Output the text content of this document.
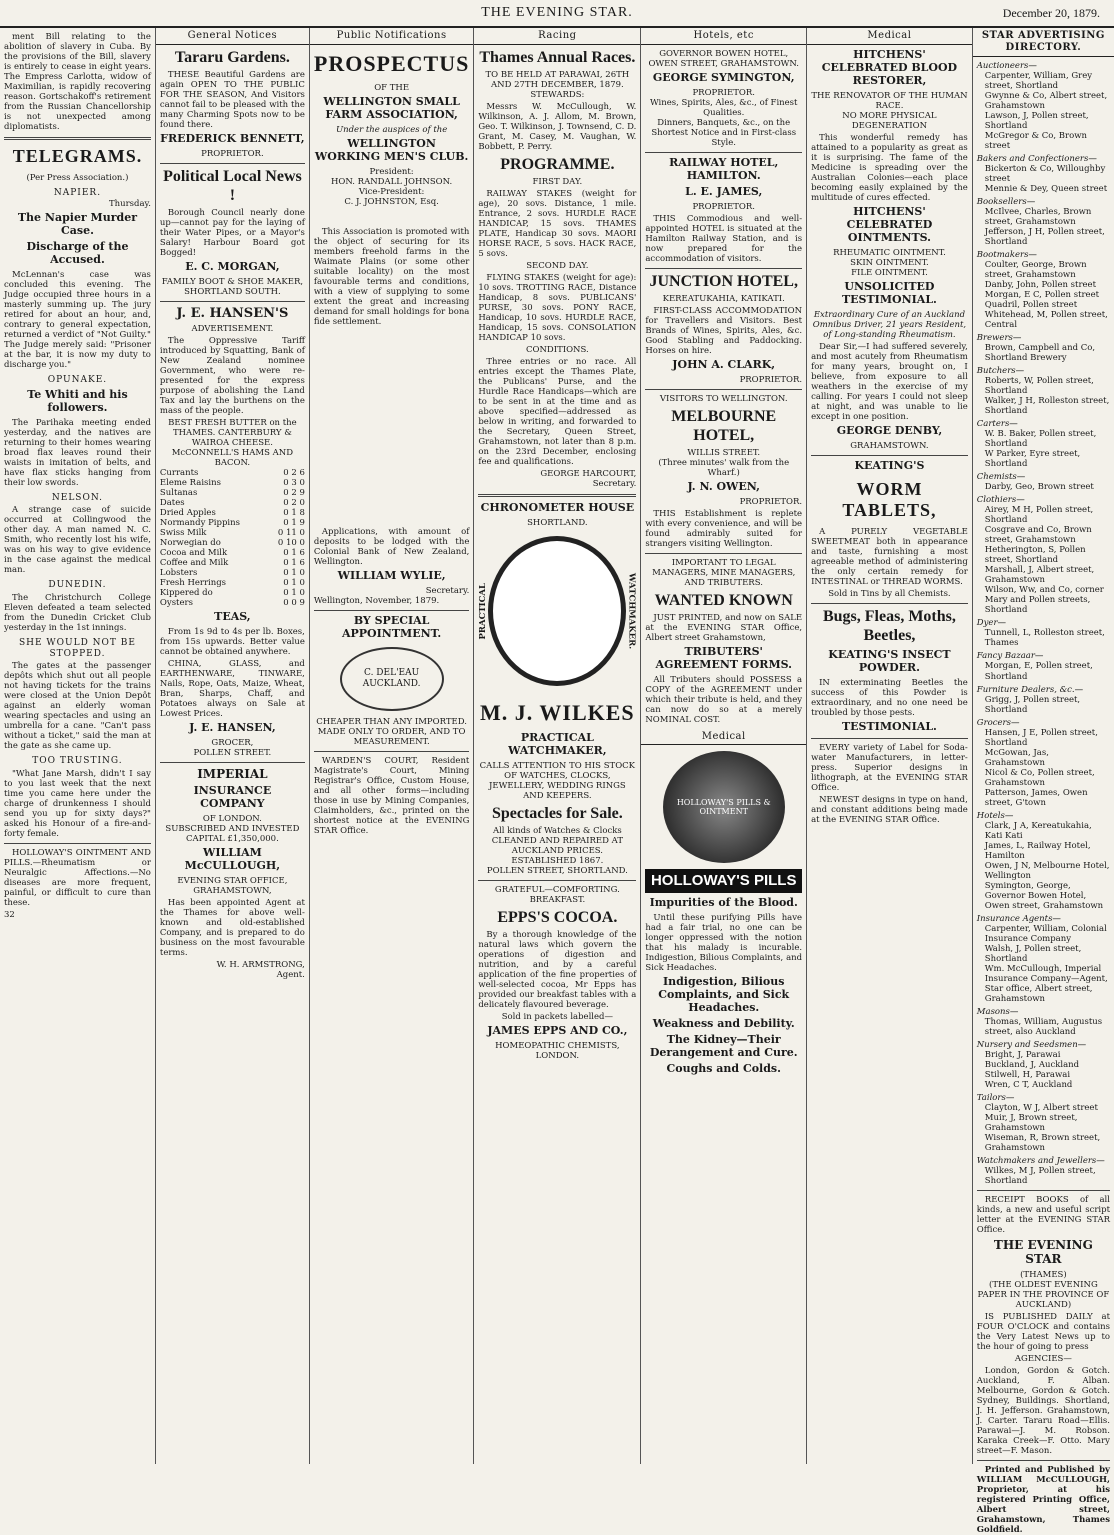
THE EVENING STAR.	December 20, 1879.
ment Bill relating to the abolition of slavery in Cuba. By the provisions of the Bill, slavery is entirely to cease in eight years. The Empress Carlotta, widow of Maximilian, is rapidly recovering reason. Gortschakoff's retirement from the Russian Chancellorship is not unexpected among diplomatists.
TELEGRAMS.
(Per Press Association.)
NAPIER.
Thursday.
The Napier Murder Case.
Discharge of the Accused.
McLennan's case was concluded this evening. The Judge occupied three hours in a masterly summing up. The jury retired for about an hour, and, contrary to general expectation, returned a verdict of "Not Guilty." The Judge merely said: "Prisoner at the bar, it is now my duty to discharge you."
OPUNAKE.
Te Whiti and his followers.
The Parihaka meeting ended yesterday, and the natives are returning to their homes wearing broad flax leaves round their waists in imitation of belts, and have flax sticks hanging from their low swords.
NELSON.
A strange case of suicide occurred at Collingwood the other day. A man named N. C. Smith, who recently lost his wife, was on his way to give evidence in the case against the medical man.
DUNEDIN.
The Christchurch College Eleven defeated a team selected from the Dunedin Cricket Club yesterday in the 1st innings.
SHE WOULD NOT BE STOPPED.
The gates at the passenger depôts which shut out all people not having tickets for the trains were closed at the Union Depôt against an elderly woman wearing spectacles and using an umbrella for a cane. "Can't pass without a ticket," said the man at the gate as she came up.
TOO TRUSTING.
"What Jane Marsh, didn't I say to you last week that the next time you came here under the charge of drunkenness I should send you up for sixty days?" asked his Honour of a fire-and-forty female.
HOLLOWAY'S OINTMENT AND PILLS.—Rheumatism or Neuralgic Affections.—No diseases are more frequent, painful, or difficult to cure than these.
32
General Notices
Tararu Gardens.
THESE Beautiful Gardens are again OPEN TO THE PUBLIC FOR THE SEASON, And Visitors cannot fail to be pleased with the many Charming Spots now to be found there.
FREDERICK BENNETT,
PROPRIETOR.
Political Local News !
Borough Council nearly done up—cannot pay for the laying of their Water Pipes, or a Mayor's Salary! Harbour Board got Bogged!
E. C. MORGAN,
FAMILY BOOT & SHOE MAKER, SHORTLAND SOUTH.
J. E. HANSEN'S
ADVERTISEMENT.
The Oppressive Tariff introduced by Squatting, Bank of New Zealand nominee Government, who were re-presented for the express purpose of abolishing the Land Tax and lay the burthens on the mass of the people.
BEST FRESH BUTTER on the THAMES. CANTERBURY & WAIROA CHEESE. McCONNELL'S HAMS AND BACON.
Currants	0 2 6
Eleme Raisins	0 3 0
Sultanas	0 2 9
Dates	0 2 0
Dried Apples	0 1 8
Normandy Pippins	0 1 9
Swiss Milk	0 11 0
Norwegian do	0 10 0
Cocoa and Milk	0 1 6
Coffee and Milk	0 1 6
Lobsters	0 1 0
Fresh Herrings	0 1 0
Kippered do	0 1 0
Oysters	0 0 9
TEAS,
From 1s 9d to 4s per lb. Boxes, from 15s upwards. Better value cannot be obtained anywhere.
CHINA, GLASS, and EARTHENWARE, TINWARE, Nails, Rope, Oats, Maize, Wheat, Bran, Sharps, Chaff, and Potatoes always on Sale at Lowest Prices.
J. E. HANSEN,
GROCER,
POLLEN STREET.
IMPERIAL
INSURANCE COMPANY
OF LONDON.
SUBSCRIBED AND INVESTED CAPITAL £1,350,000.
WILLIAM McCULLOUGH,
EVENING STAR OFFICE,
GRAHAMSTOWN,
Has been appointed Agent at the Thames for above well-known and old-established Company, and is prepared to do business on the most favourable terms.
W. H. ARMSTRONG,
Agent.
Public Notifications
PROSPECTUS
OF THE
WELLINGTON SMALL FARM ASSOCIATION,
Under the auspices of the
WELLINGTON WORKING MEN'S CLUB.
President:
HON. RANDALL JOHNSON.
Vice-President:
C. J. JOHNSTON, Esq.
This Association is promoted with the object of securing for its members freehold farms in the Waimate Plains (or some other suitable locality) on the most favourable terms and conditions, with a view of supplying to some extent the great and increasing demand for small holdings for bona fide settlement.
Applications, with amount of deposits to be lodged with the Colonial Bank of New Zealand, Wellington.
WILLIAM WYLIE,
Secretary.
Wellington, November, 1879.
BY SPECIAL APPOINTMENT.
C. DEL'EAU AUCKLAND.
CHEAPER THAN ANY IMPORTED.
MADE ONLY TO ORDER, AND TO MEASUREMENT.
WARDEN'S COURT, Resident Magistrate's Court, Mining Registrar's Office, Custom House, and all other forms—including those in use by Mining Companies, Claimholders, &c., printed on the shortest notice at the EVENING STAR Office.
Racing
Thames Annual Races.
TO BE HELD AT PARAWAI, 26TH AND 27TH DECEMBER, 1879.
STEWARDS:
Messrs W. McCullough, W. Wilkinson, A. J. Allom, M. Brown, Geo. T. Wilkinson, J. Townsend, C. D. Grant, M. Casey, M. Vaughan, W. Bobbett, P. Perry.
PROGRAMME.
FIRST DAY.
RAILWAY STAKES (weight for age), 20 sovs. Distance, 1 mile. Entrance, 2 sovs. HURDLE RACE HANDICAP, 15 sovs. THAMES PLATE, Handicap 30 sovs. MAORI HORSE RACE, 5 sovs. HACK RACE, 5 sovs.
SECOND DAY.
FLYING STAKES (weight for age): 10 sovs. TROTTING RACE, Distance Handicap, 8 sovs. PUBLICANS' PURSE, 30 sovs. PONY RACE, Handicap, 10 sovs. HURDLE RACE, Handicap, 15 sovs. CONSOLATION HANDICAP 10 sovs.
CONDITIONS.
Three entries or no race. All entries except the Thames Plate, the Publicans' Purse, and the Hurdle Race Handicaps—which are to be sent in at the time and as above specified—addressed as below in writing, and forwarded to the Secretary, Queen Street, Grahamstown, not later than 8 p.m. on the 23rd December, enclosing fee and qualifications.
GEORGE HARCOURT,
Secretary.
CHRONOMETER HOUSE
SHORTLAND.
PRACTICAL	WATCHMAKER.
M. J. WILKES
PRACTICAL WATCHMAKER,
CALLS ATTENTION TO HIS STOCK OF WATCHES, CLOCKS, JEWELLERY, WEDDING RINGS AND KEEPERS.
Spectacles for Sale.
All kinds of Watches & Clocks CLEANED AND REPAIRED AT AUCKLAND PRICES.
ESTABLISHED 1867.
POLLEN STREET, SHORTLAND.
GRATEFUL—COMFORTING.
BREAKFAST.
EPPS'S COCOA.
By a thorough knowledge of the natural laws which govern the operations of digestion and nutrition, and by a careful application of the fine properties of well-selected cocoa, Mr Epps has provided our breakfast tables with a delicately flavoured beverage.
Sold in packets labelled—
JAMES EPPS AND CO.,
HOMEOPATHIC CHEMISTS,
LONDON.
Hotels, etc
GOVERNOR BOWEN HOTEL, OWEN STREET, GRAHAMSTOWN.
GEORGE SYMINGTON,
PROPRIETOR.
Wines, Spirits, Ales, &c., of Finest Qualities.
Dinners, Banquets, &c., on the Shortest Notice and in First-class Style.
RAILWAY HOTEL, HAMILTON.
L. E. JAMES,
PROPRIETOR.
THIS Commodious and well-appointed HOTEL is situated at the Hamilton Railway Station, and is now prepared for the accommodation of visitors.
JUNCTION HOTEL,
KEREATUKAHIA, KATIKATI.
FIRST-CLASS ACCOMMODATION for Travellers and Visitors. Best Brands of Wines, Spirits, Ales, &c. Good Stabling and Paddocking. Horses on hire.
JOHN A. CLARK,
PROPRIETOR.
VISITORS TO WELLINGTON.
MELBOURNE HOTEL,
WILLIS STREET.
(Three minutes' walk from the Wharf.)
J. N. OWEN,
PROPRIETOR.
THIS Establishment is replete with every convenience, and will be found admirably suited for strangers visiting Wellington.
IMPORTANT TO LEGAL MANAGERS, MINE MANAGERS, AND TRIBUTERS.
WANTED KNOWN
JUST PRINTED, and now on SALE at the EVENING STAR Office, Albert street Grahamstown,
TRIBUTERS' AGREEMENT FORMS.
All Tributers should POSSESS a COPY of the AGREEMENT under which their tribute is held, and they can now do so at a merely NOMINAL COST.
Medical
HOLLOWAY'S PILLS & OINTMENT
HOLLOWAY'S PILLS
Impurities of the Blood.
Until these purifying Pills have had a fair trial, no one can be longer oppressed with the notion that his malady is incurable. Indigestion, Bilious Complaints, and Sick Headaches.
Indigestion, Bilious Complaints, and Sick Headaches.
Weakness and Debility.
The Kidney—Their Derangement and Cure.
Coughs and Colds.
Medical
HITCHENS' CELEBRATED BLOOD RESTORER,
THE RENOVATOR OF THE HUMAN RACE.
NO MORE PHYSICAL DEGENERATION
This wonderful remedy has attained to a popularity as great as it is surprising. The fame of the Medicine is spreading over the Australian Colonies—each place becoming easily explained by the multitude of cures effected.
HITCHENS' CELEBRATED OINTMENTS.
RHEUMATIC OINTMENT.
SKIN OINTMENT.
FILE OINTMENT.
UNSOLICITED TESTIMONIAL.
Extraordinary Cure of an Auckland Omnibus Driver, 21 years Resident, of Long-standing Rheumatism.
Dear Sir,—I had suffered severely, and most acutely from Rheumatism for many years, brought on, I believe, from exposure to all weathers in the exercise of my calling. For years I could not sleep at night, and was unable to lie except in one position.
GEORGE DENBY,
GRAHAMSTOWN.
KEATING'S
WORM TABLETS,
A PURELY VEGETABLE SWEETMEAT both in appearance and taste, furnishing a most agreeable method of administering the only certain remedy for INTESTINAL or THREAD WORMS.
Sold in Tins by all Chemists.
Bugs, Fleas, Moths, Beetles,
KEATING'S INSECT POWDER.
IN exterminating Beetles the success of this Powder is extraordinary, and no one need be troubled by those pests.
TESTIMONIAL.
EVERY variety of Label for Soda-water Manufacturers, in letter-press. Superior designs in lithograph, at the EVENING STAR Office.
NEWEST designs in type on hand, and constant additions being made at the EVENING STAR Office.
STAR ADVERTISING DIRECTORY.
Auctioneers—
Carpenter, William, Grey street, Shortland
Gwynne & Co, Albert street, Grahamstown
Lawson, J, Pollen street, Shortland
McGregor & Co, Brown street
Bakers and Confectioners—
Bickerton & Co, Willoughby street
Mennie & Dey, Queen street
Booksellers—
McIlvee, Charles, Brown street, Grahamstown
Jefferson, J H, Pollen street, Shortland
Bootmakers—
Coulter, George, Brown street, Grahamstown
Danby, John, Pollen street
Morgan, E C, Pollen street
Quadril, Pollen street
Whitehead, M, Pollen street, Central
Brewers—
Brown, Campbell and Co, Shortland Brewery
Butchers—
Roberts, W, Pollen street, Shortland
Walker, J H, Rolleston street, Shortland
Carters—
W. B. Baker, Pollen street, Shortland
W Parker, Eyre street, Shortland
Chemists—
Darby, Geo, Brown street
Clothiers—
Airey, M H, Pollen street, Shortland
Cosgrave and Co, Brown street, Grahamstown
Hetherington, S, Pollen street, Shortland
Marshall, J, Albert street, Grahamstown
Wilson, Ww, and Co, corner Mary and Pollen streets, Shortland
Dyer—
Tunnell, L, Rolleston street, Thames
Fancy Bazaar—
Morgan, E, Pollen street, Shortland
Furniture Dealers, &c.—
Grigg, J, Pollen street, Shortland
Grocers—
Hansen, J E, Pollen street, Shortland
McGowan, Jas, Grahamstown
Nicol & Co, Pollen street, Grahamstown
Patterson, James, Owen street, G'town
Hotels—
Clark, J A, Kereatukahia, Kati Kati
James, L, Railway Hotel, Hamilton
Owen, J N, Melbourne Hotel, Wellington
Symington, George, Governor Bowen Hotel, Owen street, Grahamstown
Insurance Agents—
Carpenter, William, Colonial Insurance Company
Walsh, J, Pollen street, Shortland
Wm. McCullough, Imperial Insurance Company—Agent, Star office, Albert street, Grahamstown
Masons—
Thomas, William, Augustus street, also Auckland
Nursery and Seedsmen—
Bright, J, Parawai
Buckland, J, Auckland
Stilwell, H, Parawai
Wren, C T, Auckland
Tailors—
Clayton, W J, Albert street
Muir, J, Brown street, Grahamstown
Wiseman, R, Brown street, Grahamstown
Watchmakers and Jewellers—
Wilkes, M J, Pollen street, Shortland
RECEIPT BOOKS of all kinds, a new and useful script letter at the EVENING STAR Office.
THE EVENING STAR
(THAMES)
(THE OLDEST EVENING PAPER IN THE PROVINCE OF AUCKLAND)
IS PUBLISHED DAILY at FOUR O'CLOCK and contains the Very Latest News up to the hour of going to press
AGENCIES—
London, Gordon & Gotch. Auckland, F. Alban. Melbourne, Gordon & Gotch. Sydney, Buildings. Shortland, J. H. Jefferson. Grahamstown, J. Carter. Tararu Road—Ellis. Parawai—J. M. Robson. Karaka Creek—F. Otto. Mary street—F. Mason.
Printed and Published by WILLIAM McCULLOUGH, Proprietor, at his registered Printing Office, Albert street, Grahamstown, Thames Goldfield.
